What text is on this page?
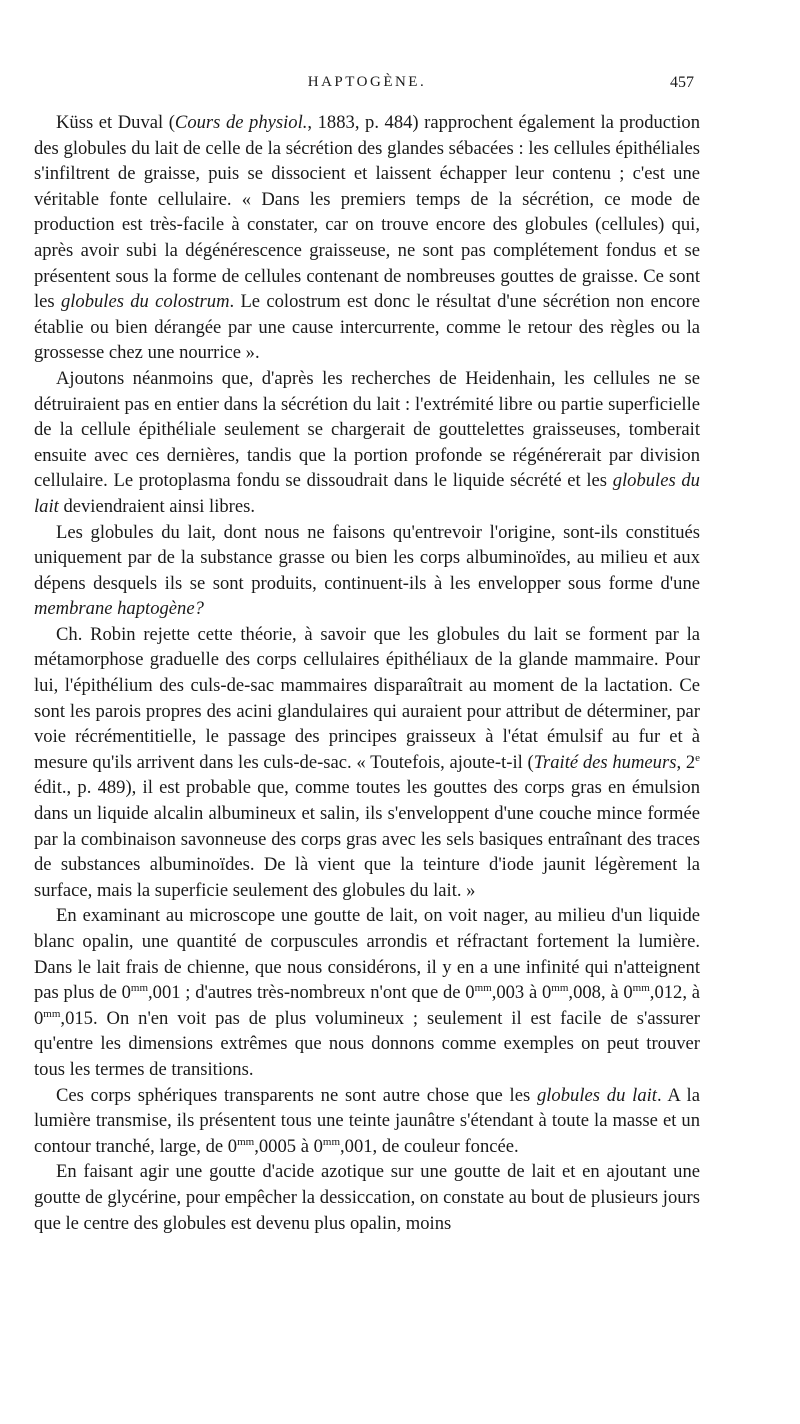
HAPTOGÈNE.	457

Küss et Duval (Cours de physiol., 1883, p. 484) rapprochent également la production des globules du lait de celle de la sécrétion des glandes sébacées : les cellules épithéliales s'infiltrent de graisse, puis se dissocient et laissent échapper leur contenu ; c'est une véritable fonte cellulaire. « Dans les premiers temps de la sécrétion, ce mode de production est très-facile à constater, car on trouve encore des globules (cellules) qui, après avoir subi la dégénérescence graisseuse, ne sont pas complétement fondus et se présentent sous la forme de cellules contenant de nombreuses gouttes de graisse. Ce sont les globules du colostrum. Le colostrum est donc le résultat d'une sécrétion non encore établie ou bien dérangée par une cause intercurrente, comme le retour des règles ou la grossesse chez une nourrice ».

Ajoutons néanmoins que, d'après les recherches de Heidenhain, les cellules ne se détruiraient pas en entier dans la sécrétion du lait : l'extrémité libre ou partie superficielle de la cellule épithéliale seulement se chargerait de gouttelettes graisseuses, tomberait ensuite avec ces dernières, tandis que la portion profonde se régénérerait par division cellulaire. Le protoplasma fondu se dissoudrait dans le liquide sécrété et les globules du lait deviendraient ainsi libres.

Les globules du lait, dont nous ne faisons qu'entrevoir l'origine, sont-ils constitués uniquement par de la substance grasse ou bien les corps albuminoïdes, au milieu et aux dépens desquels ils se sont produits, continuent-ils à les envelopper sous forme d'une membrane haptogène?

Ch. Robin rejette cette théorie, à savoir que les globules du lait se forment par la métamorphose graduelle des corps cellulaires épithéliaux de la glande mammaire. Pour lui, l'épithélium des culs-de-sac mammaires disparaîtrait au moment de la lactation. Ce sont les parois propres des acini glandulaires qui auraient pour attribut de déterminer, par voie récrémentitielle, le passage des principes graisseux à l'état émulsif au fur et à mesure qu'ils arrivent dans les culs-de-sac. « Toutefois, ajoute-t-il (Traité des humeurs, 2e édit., p. 489), il est probable que, comme toutes les gouttes des corps gras en émulsion dans un liquide alcalin albumineux et salin, ils s'enveloppent d'une couche mince formée par la combinaison savonneuse des corps gras avec les sels basiques entraînant des traces de substances albuminoïdes. De là vient que la teinture d'iode jaunit légèrement la surface, mais la superficie seulement des globules du lait. »

En examinant au microscope une goutte de lait, on voit nager, au milieu d'un liquide blanc opalin, une quantité de corpuscules arrondis et réfractant fortement la lumière. Dans le lait frais de chienne, que nous considérons, il y en a une infinité qui n'atteignent pas plus de $0^{mm},001$ ; d'autres très-nombreux n'ont que de $0^{mm},003$ à $0^{mm},008$, à $0^{mm},012$, à $0^{mm},015$. On n'en voit pas de plus volumineux ; seulement il est facile de s'assurer qu'entre les dimensions extrêmes que nous donnons comme exemples on peut trouver tous les termes de transitions.

Ces corps sphériques transparents ne sont autre chose que les globules du lait. A la lumière transmise, ils présentent tous une teinte jaunâtre s'étendant à toute la masse et un contour tranché, large, de $0^{mm},0005$ à $0^{mm},001$, de couleur foncée.

En faisant agir une goutte d'acide azotique sur une goutte de lait et en ajoutant une goutte de glycérine, pour empêcher la dessiccation, on constate au bout de plusieurs jours que le centre des globules est devenu plus opalin, moins
